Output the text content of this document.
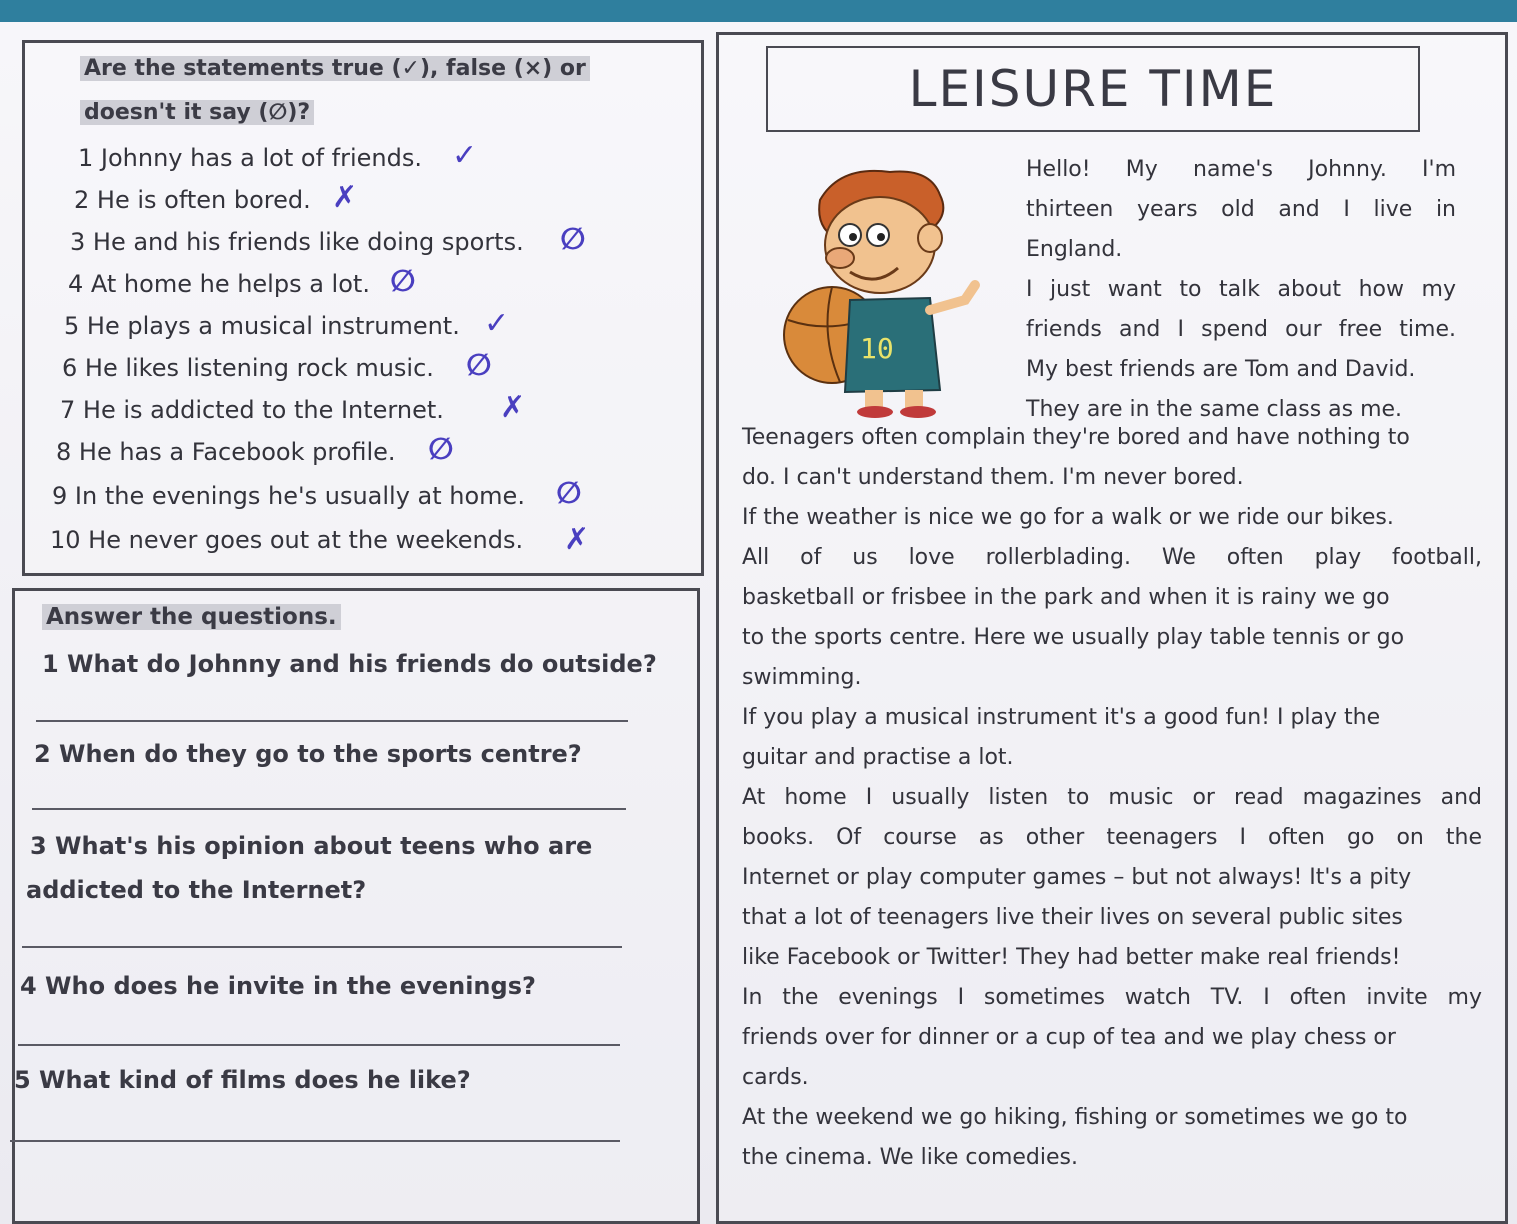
Are the statements true (✓), false (×) or
doesn't it say (∅)?
1 Johnny has a lot of friends. ✓
2 He is often bored. ✗
3 He and his friends like doing sports. ∅
4 At home he helps a lot. ∅
5 He plays a musical instrument. ✓
6 He likes listening rock music. ∅
7 He is addicted to the Internet. ✗
8 He has a Facebook profile. ∅
9 In the evenings he's usually at home. ∅
10 He never goes out at the weekends. ✗
Answer the questions.
1 What do Johnny and his friends do outside?
2 When do they go to the sports centre?
3 What's his opinion about teens who are
addicted to the Internet?
4 Who does he invite in the evenings?
5 What kind of films does he like?
LEISURE TIME
10
Hello! My name's Johnny. I'm
thirteen years old and I live in
England.
I just want to talk about how my
friends and I spend our free time.
My best friends are Tom and David.
They are in the same class as me.
Teenagers often complain they're bored and have nothing to
do. I can't understand them. I'm never bored.
If the weather is nice we go for a walk or we ride our bikes.
All of us love rollerblading. We often play football,
basketball or frisbee in the park and when it is rainy we go
to the sports centre. Here we usually play table tennis or go
swimming.
If you play a musical instrument it's a good fun! I play the
guitar and practise a lot.
At home I usually listen to music or read magazines and
books. Of course as other teenagers I often go on the
Internet or play computer games – but not always! It's a pity
that a lot of teenagers live their lives on several public sites
like Facebook or Twitter! They had better make real friends!
In the evenings I sometimes watch TV. I often invite my
friends over for dinner or a cup of tea and we play chess or
cards.
At the weekend we go hiking, fishing or sometimes we go to
the cinema. We like comedies.
